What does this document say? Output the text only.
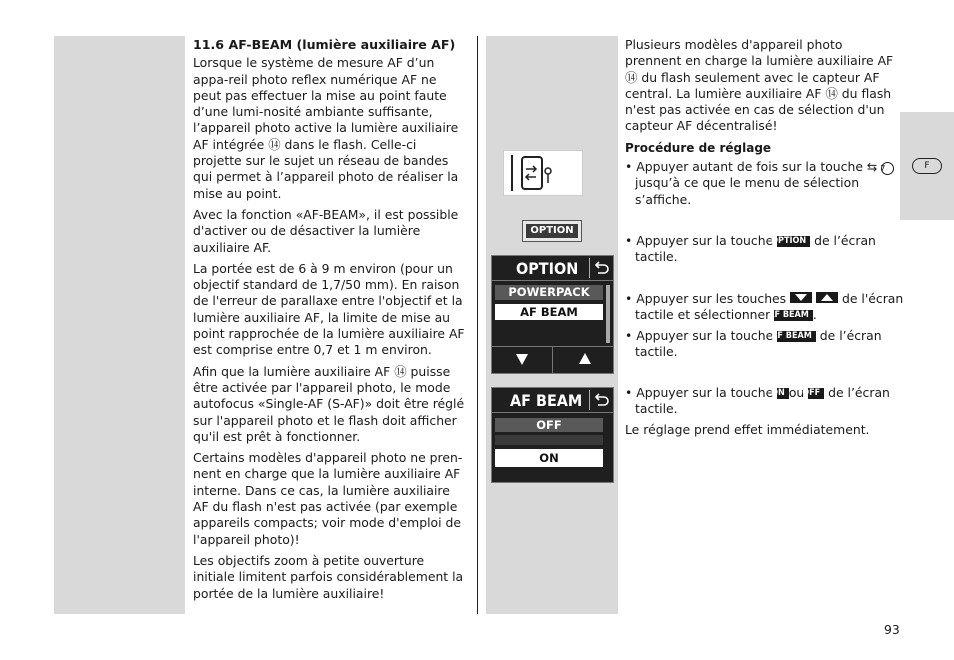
F

11.6 AF-BEAM (lumière auxiliaire AF)

Lorsque le système de mesure AF d’un appa-reil photo reflex numérique AF ne peut pas effectuer la mise au point faute d’une lumi-nosité ambiante suffisante, l’appareil photo active la lumière auxiliaire AF intégrée ⑭ dans le flash. Celle-ci projette sur le sujet un réseau de bandes qui permet à l’appareil photo de réaliser la mise au point.

Avec la fonction «AF-BEAM», il est possible d'activer ou de désactiver la lumière auxiliaire AF.

La portée est de 6 à 9 m environ (pour un objectif standard de 1,7/50 mm). En raison de l'erreur de parallaxe entre l'objectif et la lumière auxiliaire AF, la limite de mise au point rapprochée de la lumière auxiliaire AF est comprise entre 0,7 et 1 m environ.

Afin que la lumière auxiliaire AF ⑭ puisse être activée par l'appareil photo, le mode autofocus «Single-AF (S-AF)» doit être réglé sur l'appareil photo et le flash doit afficher qu'il est prêt à fonctionner.

Certains modèles d'appareil photo ne pren-nent en charge que la lumière auxiliaire AF interne. Dans ce cas, la lumière auxiliaire AF du flash n'est pas activée (par exemple appareils compacts; voir mode d'emploi de l'appareil photo)!

Les objectifs zoom à petite ouverture initiale limitent parfois considérablement la portée de la lumière auxiliaire!

OPTION
OPTION
POWERPACK
AF BEAM
AF BEAM
OFF
ON

Plusieurs modèles d'appareil photo prennent en charge la lumière auxiliaire AF ⑭ du flash seulement avec le capteur AF central. La lumière auxiliaire AF ⑭ du flash n'est pas activée en cas de sélection d'un capteur AF décentralisé!

Procédure de réglage

• Appuyer autant de fois sur la touche ⇆ 7 jusqu’à ce que le menu de sélection s’affiche.
• Appuyer sur la touche OPTION de l’écran tactile.
• Appuyer sur les touches	de l'écran tactile et sélectionner AF BEAM .
• Appuyer sur la touche AF BEAM de l’écran tactile.
• Appuyer sur la touche ON ou OFF de l’écran tactile.
Le réglage prend effet immédiatement.
93
